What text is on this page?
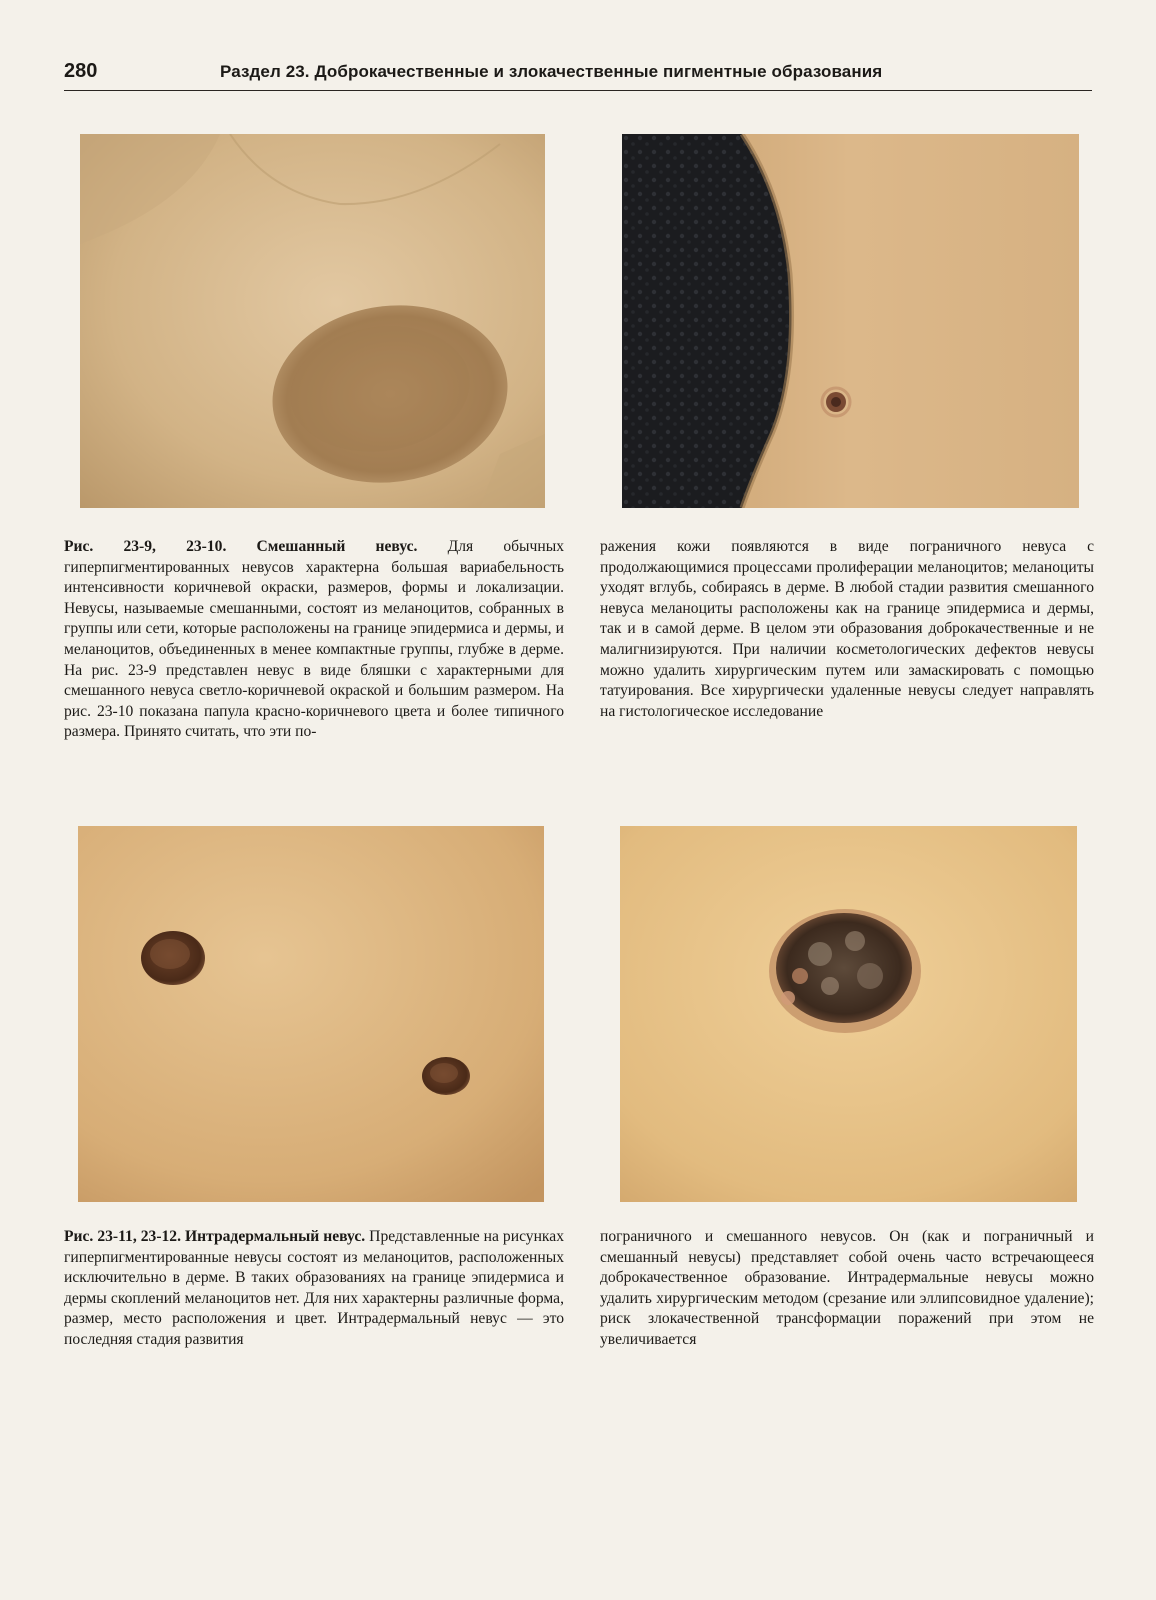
280	Раздел 23. Доброкачественные и злокачественные пигментные образования
Рис. 23-9, 23-10. Смешанный невус. Для обычных гиперпигментированных невусов характерна большая вариабельность интенсивности коричневой окраски, размеров, формы и локализации. Невусы, называемые смешанными, состоят из меланоцитов, собранных в группы или сети, которые расположены на границе эпидермиса и дермы, и меланоцитов, объединенных в менее компактные группы, глубже в дерме. На рис. 23-9 представлен невус в виде бляшки с характерными для смешанного невуса светло-коричневой окраской и большим размером. На рис. 23-10 показана папула красно-коричневого цвета и более типичного размера. Принято считать, что эти по-
ражения кожи появляются в виде пограничного невуса с продолжающимися процессами пролиферации меланоцитов; меланоциты уходят вглубь, собираясь в дерме. В любой стадии развития смешанного невуса меланоциты расположены как на границе эпидермиса и дермы, так и в самой дерме. В целом эти образования доброкачественные и не малигнизируются. При наличии косметологических дефектов невусы можно удалить хирургическим путем или замаскировать с помощью татуирования. Все хирургически удаленные невусы следует направлять на гистологическое исследование
Рис. 23-11, 23-12. Интрадермальный невус. Представленные на рисунках гиперпигментированные невусы состоят из меланоцитов, расположенных исключительно в дерме. В таких образованиях на границе эпидермиса и дермы скоплений меланоцитов нет. Для них характерны различные форма, размер, место расположения и цвет. Интрадермальный невус — это последняя стадия развития
пограничного и смешанного невусов. Он (как и пограничный и смешанный невусы) представляет собой очень часто встречающееся доброкачественное образование. Интрадермальные невусы можно удалить хирургическим методом (срезание или эллипсовидное удаление); риск злокачественной трансформации поражений при этом не увеличивается
